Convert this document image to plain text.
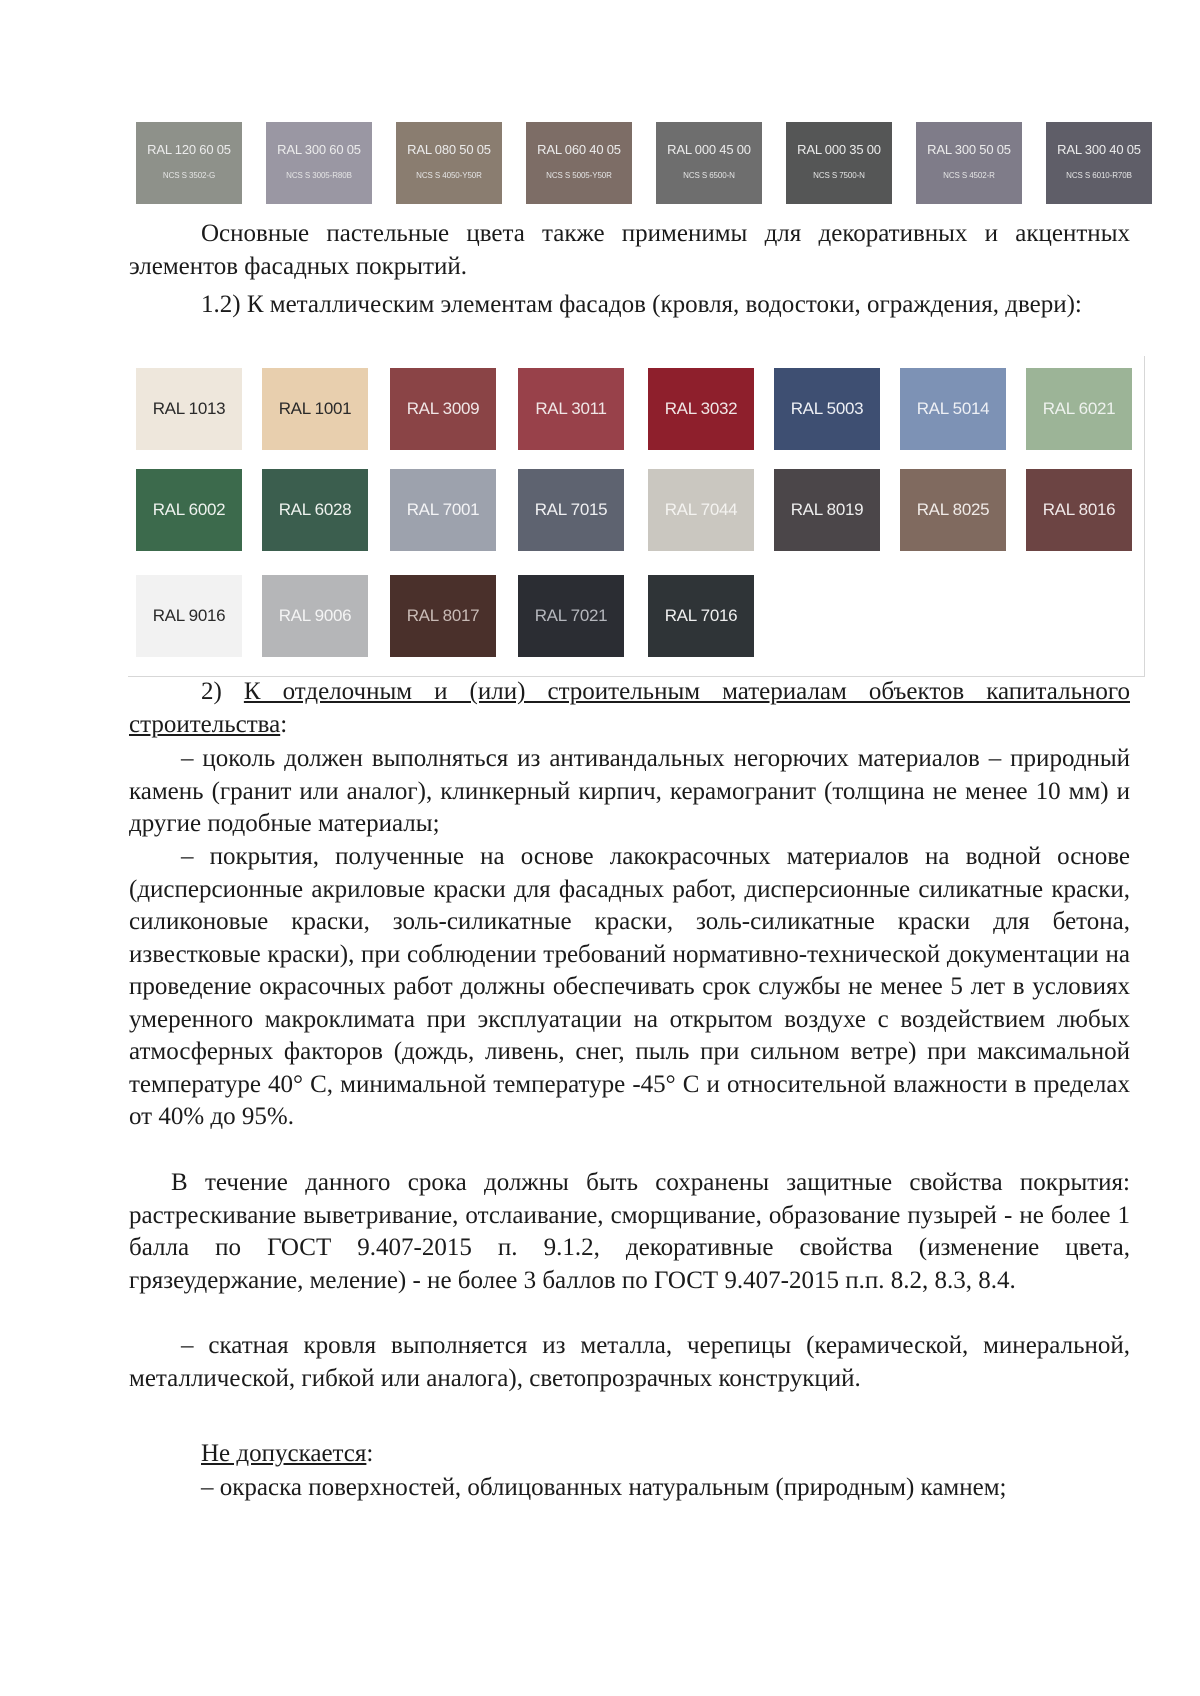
RAL 120 60 05
NCS S 3502-G
RAL 300 60 05
NCS S 3005-R80B
RAL 080 50 05
NCS S 4050-Y50R
RAL 060 40 05
NCS S 5005-Y50R
RAL 000 45 00
NCS S 6500-N
RAL 000 35 00
NCS S 7500-N
RAL 300 50 05
NCS S 4502-R
RAL 300 40 05
NCS S 6010-R70B
Основные пастельные цвета также применимы для декоративных и акцентных элементов фасадных покрытий.
1.2) К металлическим элементам фасадов (кровля, водостоки, ограждения, двери):
RAL 1013	RAL 1001	RAL 3009	RAL 3011	RAL 3032	RAL 5003	RAL 5014	RAL 6021
RAL 6002	RAL 6028	RAL 7001	RAL 7015	RAL 7044	RAL 8019	RAL 8025	RAL 8016
RAL 9016	RAL 9006	RAL 8017	RAL 7021	RAL 7016
2) К отделочным и (или) строительным материалам объектов капитального строительства:
– цоколь должен выполняться из антивандальных негорючих материалов – природный камень (гранит или аналог), клинкерный кирпич, керамогранит (толщина не менее 10 мм) и другие подобные материалы;
– покрытия, полученные на основе лакокрасочных материалов на водной основе (дисперсионные акриловые краски для фасадных работ, дисперсионные силикатные краски, силиконовые краски, золь-силикатные краски, золь-силикатные краски для бетона, известковые краски), при соблюдении требований нормативно-технической документации на проведение окрасочных работ должны обеспечивать срок службы не менее 5 лет в условиях умеренного макроклимата при эксплуатации на открытом воздухе с воздействием любых атмосферных факторов (дождь, ливень, снег, пыль при сильном ветре) при максимальной температуре 40° С, минимальной температуре -45° С и относительной влажности в пределах от 40% до 95%.
В течение данного срока должны быть сохранены защитные свойства покрытия: растрескивание выветривание, отслаивание, сморщивание, образование пузырей - не более 1 балла по ГОСТ 9.407-2015 п. 9.1.2, декоративные свойства (изменение цвета, грязеудержание, меление) - не более 3 баллов по ГОСТ 9.407-2015 п.п. 8.2, 8.3, 8.4.
– скатная кровля выполняется из металла, черепицы (керамической, минеральной, металлической, гибкой или аналога), светопрозрачных конструкций.
Не допускается:
– окраска поверхностей, облицованных натуральным (природным) камнем;
